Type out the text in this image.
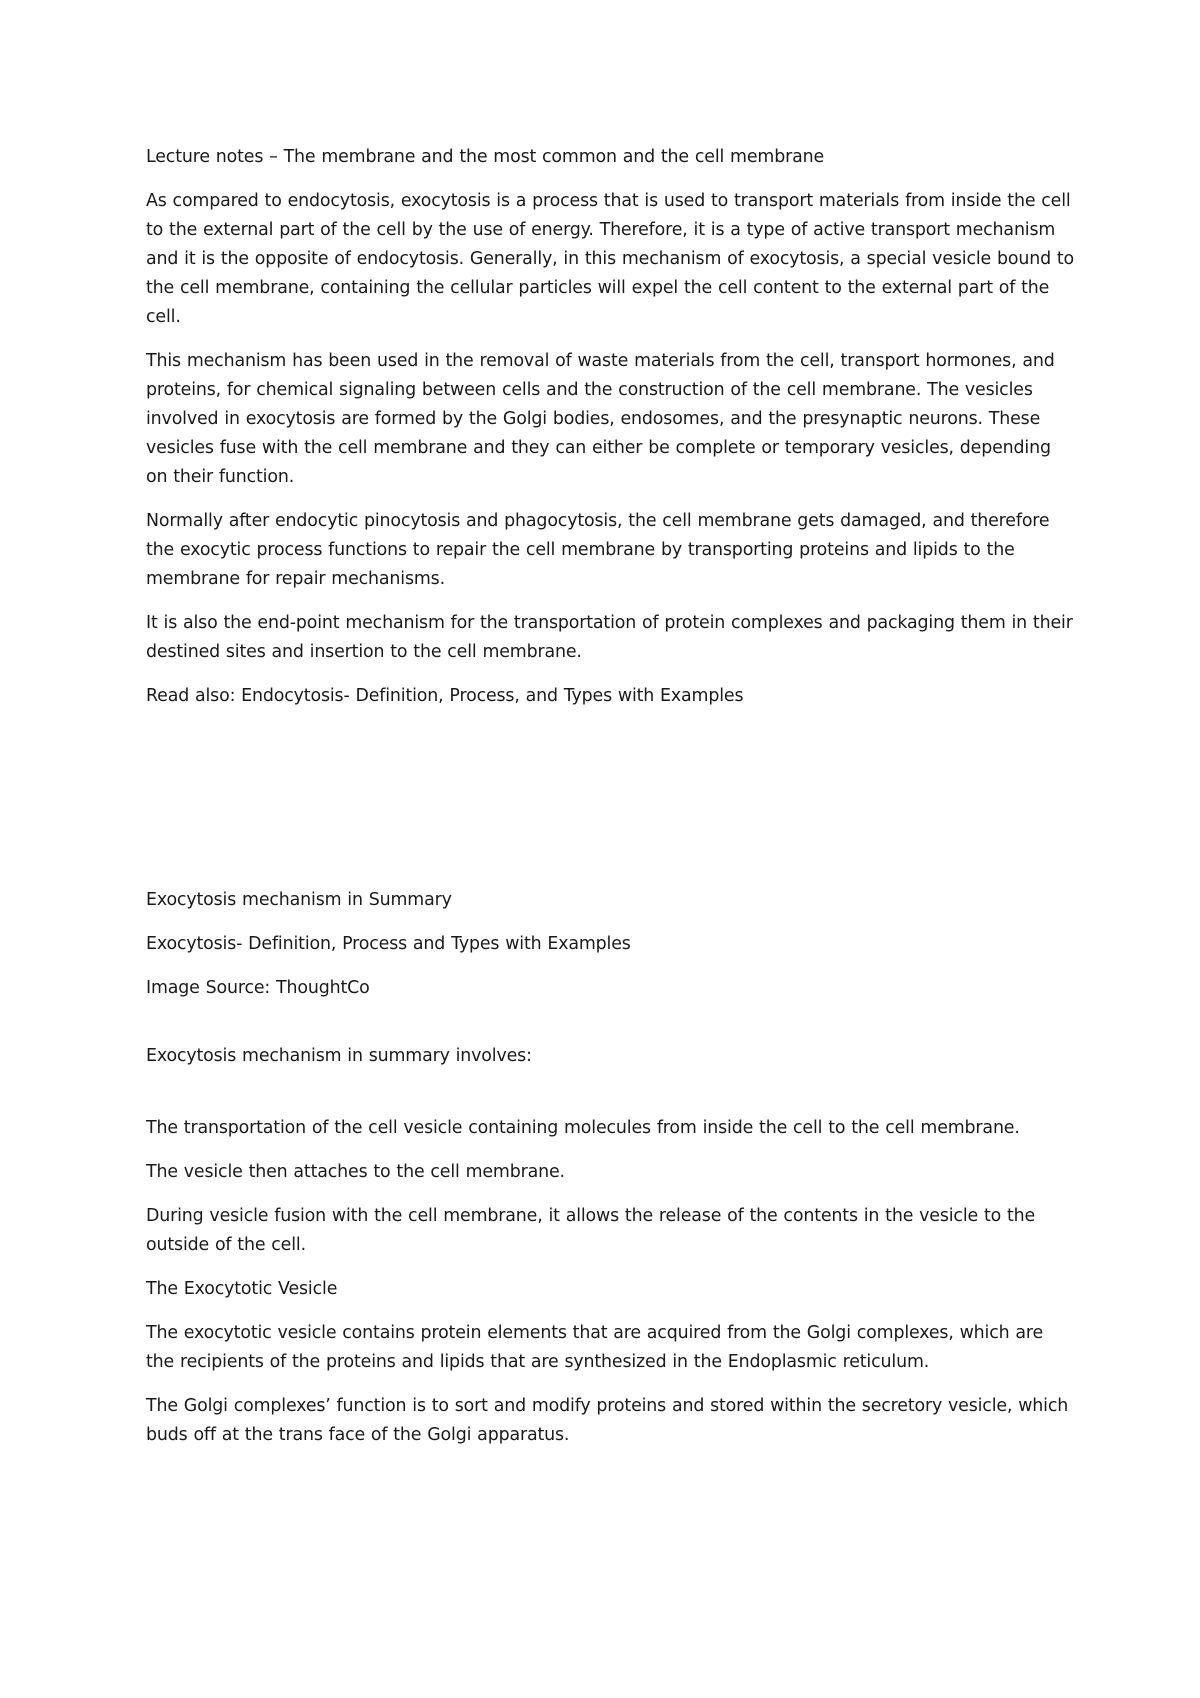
Lecture notes – The membrane and the most common and the cell membrane

As compared to endocytosis, exocytosis is a process that is used to transport materials from inside the cell to the external part of the cell by the use of energy. Therefore, it is a type of active transport mechanism and it is the opposite of endocytosis. Generally, in this mechanism of exocytosis, a special vesicle bound to the cell membrane, containing the cellular particles will expel the cell content to the external part of the cell.

This mechanism has been used in the removal of waste materials from the cell, transport hormones, and proteins, for chemical signaling between cells and the construction of the cell membrane. The vesicles involved in exocytosis are formed by the Golgi bodies, endosomes, and the presynaptic neurons. These vesicles fuse with the cell membrane and they can either be complete or temporary vesicles, depending on their function.

Normally after endocytic pinocytosis and phagocytosis, the cell membrane gets damaged, and therefore the exocytic process functions to repair the cell membrane by transporting proteins and lipids to the membrane for repair mechanisms.

It is also the end-point mechanism for the transportation of protein complexes and packaging them in their destined sites and insertion to the cell membrane.

Read also: Endocytosis- Definition, Process, and Types with Examples

Exocytosis mechanism in Summary

Exocytosis- Definition, Process and Types with Examples

Image Source: ThoughtCo

Exocytosis mechanism in summary involves:

The transportation of the cell vesicle containing molecules from inside the cell to the cell membrane.

The vesicle then attaches to the cell membrane.

During vesicle fusion with the cell membrane, it allows the release of the contents in the vesicle to the outside of the cell.

The Exocytotic Vesicle

The exocytotic vesicle contains protein elements that are acquired from the Golgi complexes, which are the recipients of the proteins and lipids that are synthesized in the Endoplasmic reticulum.

The Golgi complexes’ function is to sort and modify proteins and stored within the secretory vesicle, which buds off at the trans face of the Golgi apparatus.
